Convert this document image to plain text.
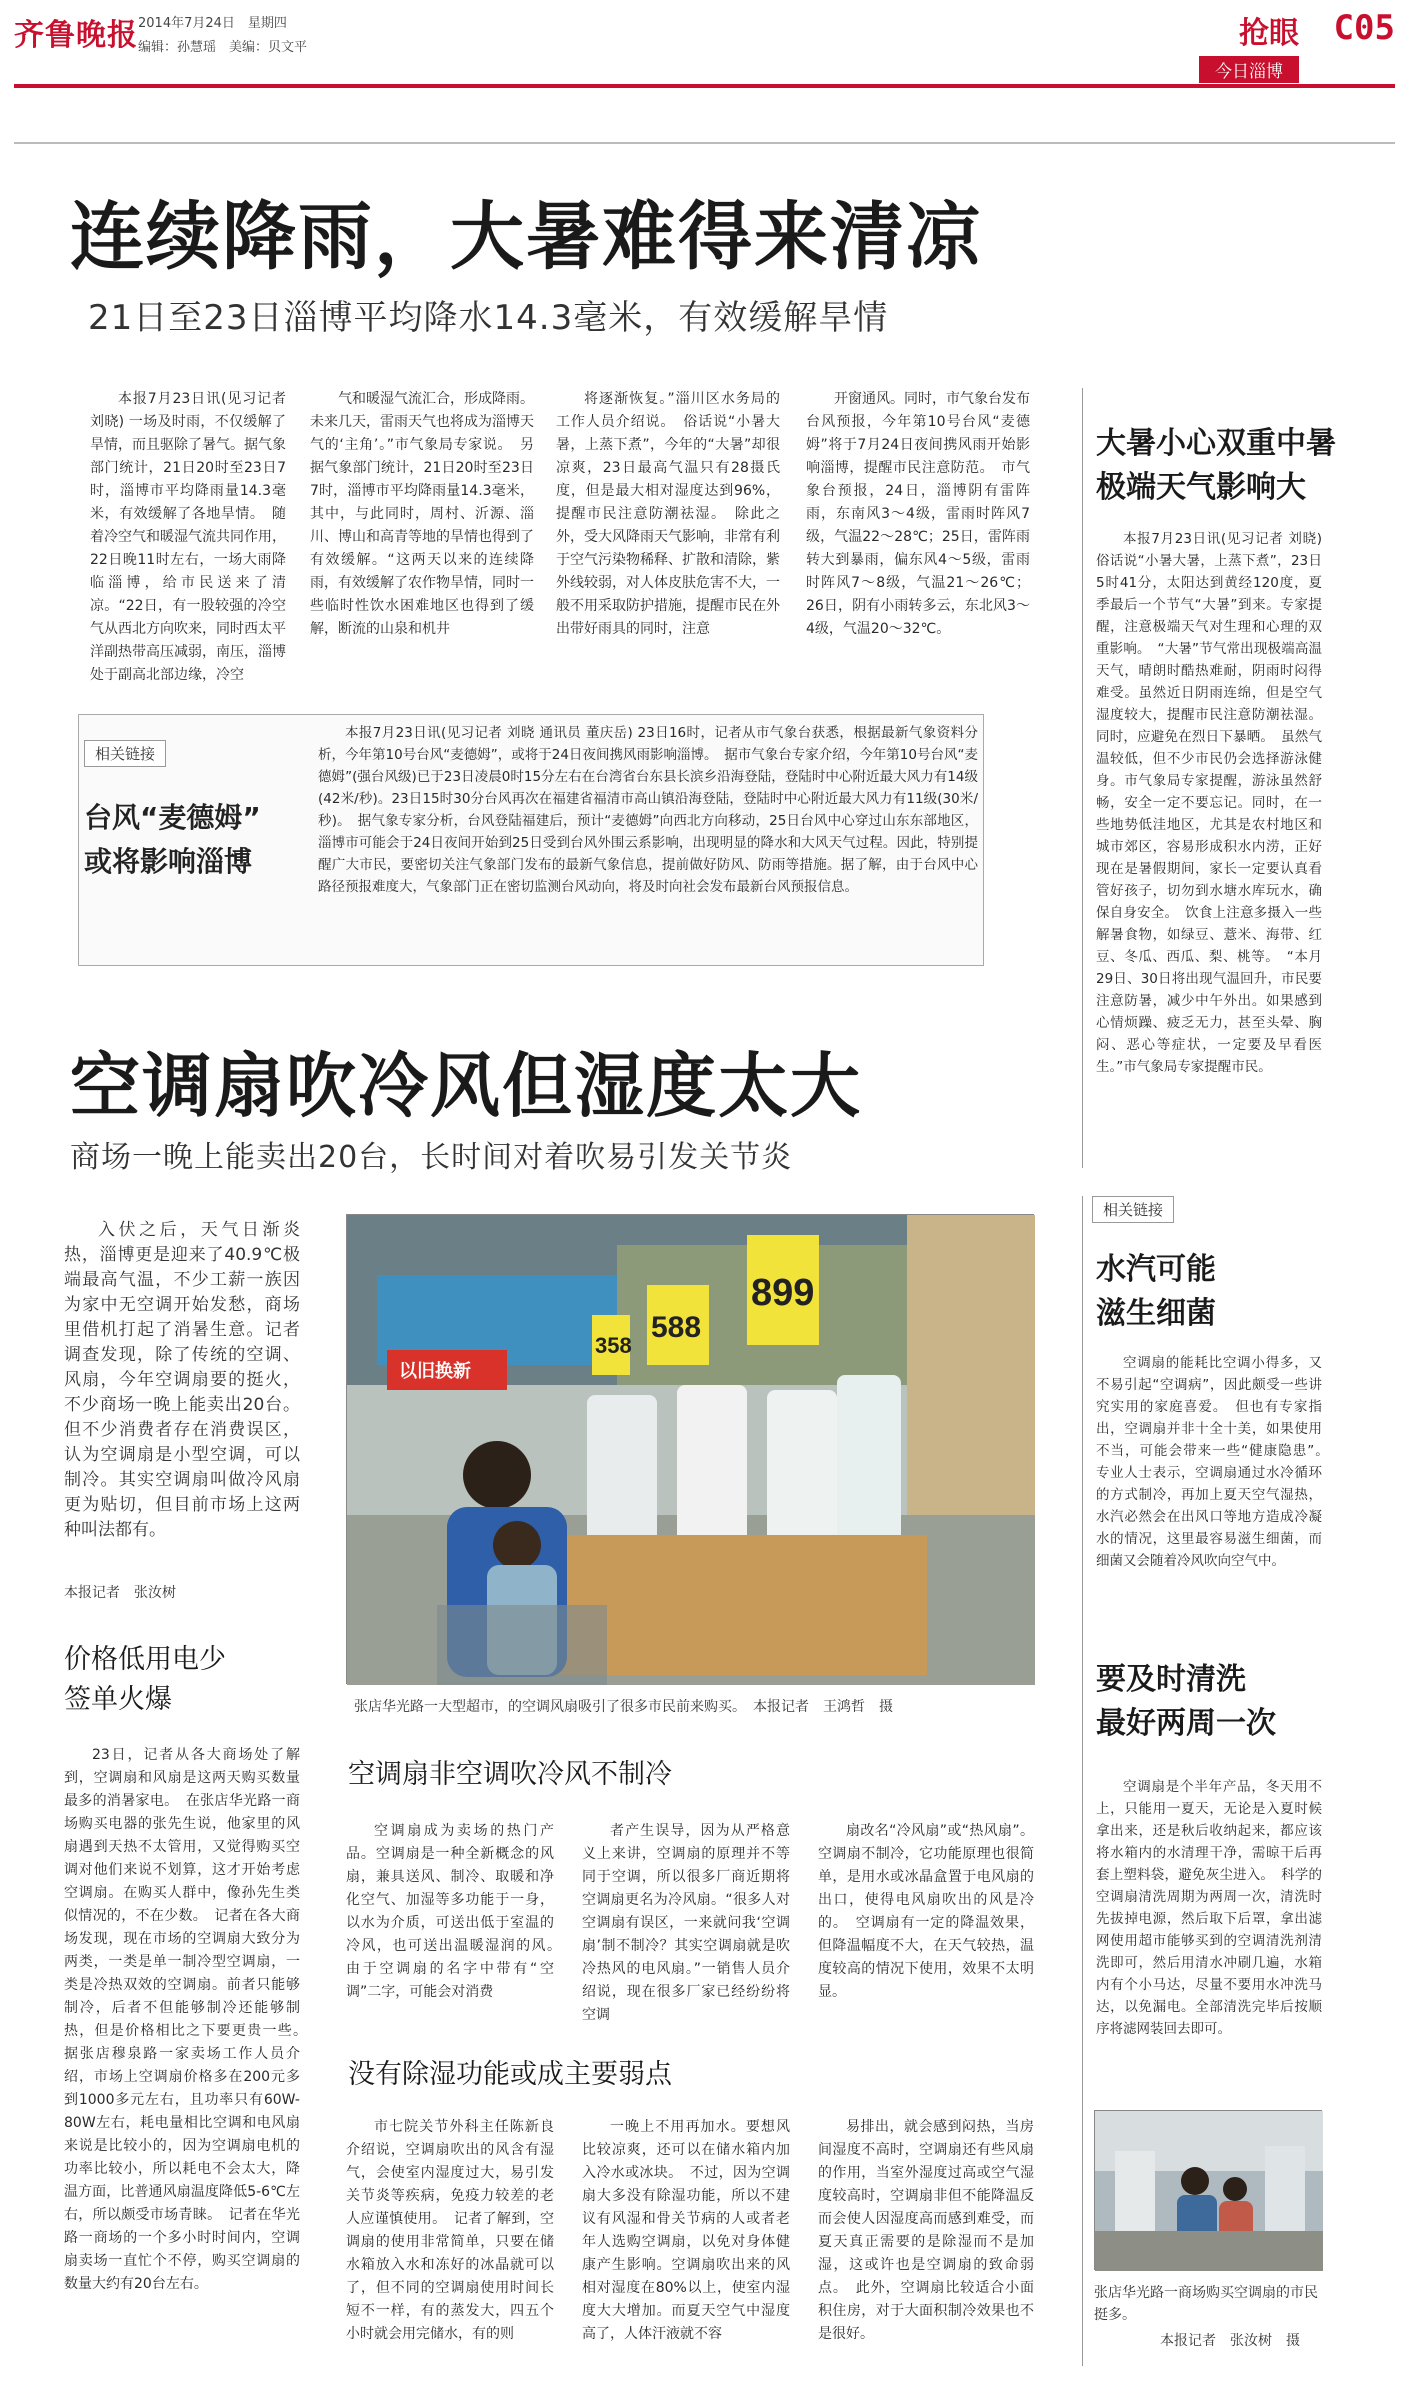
齐鲁晚报 2014年7月24日　星期四
编辑：孙慧瑶　美编：贝文平	抢眼 C05
今日淄博
连续降雨，大暑难得来清凉
21日至23日淄博平均降水14.3毫米，有效缓解旱情

本报7月23日讯(见习记者 刘晓) 一场及时雨，不仅缓解了旱情，而且驱除了暑气。据气象部门统计，21日20时至23日7时，淄博市平均降雨量14.3毫米，有效缓解了各地旱情。　随着冷空气和暖湿气流共同作用，22日晚11时左右，一场大雨降临淄博，给市民送来了清凉。“22日，有一股较强的冷空气从西北方向吹来，同时西太平洋副热带高压减弱，南压，淄博处于副高北部边缘，冷空

气和暖湿气流汇合，形成降雨。未来几天，雷雨天气也将成为淄博天气的‘主角’。”市气象局专家说。　另据气象部门统计，21日20时至23日7时，淄博市平均降雨量14.3毫米，其中，与此同时，周村、沂源、淄川、博山和高青等地的旱情也得到了有效缓解。“这两天以来的连续降雨，有效缓解了农作物旱情，同时一些临时性饮水困难地区也得到了缓解，断流的山泉和机井

将逐渐恢复。”淄川区水务局的工作人员介绍说。　俗话说“小暑大暑，上蒸下煮”，今年的“大暑”却很凉爽，23日最高气温只有28摄氏度，但是最大相对湿度达到96%，提醒市民注意防潮祛湿。　除此之外，受大风降雨天气影响，非常有利于空气污染物稀释、扩散和清除，紫外线较弱，对人体皮肤危害不大，一般不用采取防护措施，提醒市民在外出带好雨具的同时，注意

开窗通风。同时，市气象台发布台风预报，今年第10号台风“麦德姆”将于7月24日夜间携风雨开始影响淄博，提醒市民注意防范。　市气象台预报，24日，淄博阴有雷阵雨，东南风3～4级，雷雨时阵风7级，气温22～28℃；25日，雷阵雨转大到暴雨，偏东风4～5级，雷雨时阵风7～8级，气温21～26℃；26日，阴有小雨转多云，东北风3～4级，气温20～32℃。

相关链接
台风“麦德姆”
或将影响淄博

本报7月23日讯(见习记者 刘晓 通讯员 董庆岳) 23日16时，记者从市气象台获悉，根据最新气象资料分析，今年第10号台风“麦德姆”，或将于24日夜间携风雨影响淄博。　据市气象台专家介绍，今年第10号台风“麦德姆”(强台风级)已于23日凌晨0时15分左右在台湾省台东县长滨乡沿海登陆，登陆时中心附近最大风力有14级(42米/秒)。23日15时30分台风再次在福建省福清市高山镇沿海登陆，登陆时中心附近最大风力有11级(30米/秒)。　据气象专家分析，台风登陆福建后，预计“麦德姆”向西北方向移动，25日台风中心穿过山东东部地区，淄博市可能会于24日夜间开始到25日受到台风外围云系影响，出现明显的降水和大风天气过程。因此，特别提醒广大市民，要密切关注气象部门发布的最新气象信息，提前做好防风、防雨等措施。据了解，由于台风中心路径预报难度大，气象部门正在密切监测台风动向，将及时向社会发布最新台风预报信息。

大暑小心双重中暑
极端天气影响大

本报7月23日讯(见习记者 刘晓) 俗话说“小暑大暑，上蒸下煮”，23日5时41分，太阳达到黄经120度，夏季最后一个节气“大暑”到来。专家提醒，注意极端天气对生理和心理的双重影响。　“大暑”节气常出现极端高温天气，晴朗时酷热难耐，阴雨时闷得难受。虽然近日阴雨连绵，但是空气湿度较大，提醒市民注意防潮祛湿。同时，应避免在烈日下暴晒。　虽然气温较低，但不少市民仍会选择游泳健身。市气象局专家提醒，游泳虽然舒畅，安全一定不要忘记。同时，在一些地势低洼地区，尤其是农村地区和城市郊区，容易形成积水内涝，正好现在是暑假期间，家长一定要认真看管好孩子，切勿到水塘水库玩水，确保自身安全。　饮食上注意多摄入一些解暑食物，如绿豆、薏米、海带、红豆、冬瓜、西瓜、梨、桃等。　“本月29日、30日将出现气温回升，市民要注意防暑，减少中午外出。如果感到心情烦躁、疲乏无力，甚至头晕、胸闷、恶心等症状，一定要及早看医生。”市气象局专家提醒市民。

空调扇吹冷风但湿度太大
商场一晚上能卖出20台，长时间对着吹易引发关节炎

入伏之后，天气日渐炎热，淄博更是迎来了40.9℃极端最高气温，不少工薪一族因为家中无空调开始发愁，商场里借机打起了消暑生意。记者调查发现，除了传统的空调、风扇，今年空调扇要的挺火，不少商场一晚上能卖出20台。但不少消费者存在消费误区，认为空调扇是小型空调，可以制冷。其实空调扇叫做冷风扇更为贴切，但目前市场上这两种叫法都有。

本报记者　张汝树
358
588
899
以旧换新
张店华光路一大型超市，的空调风扇吸引了很多市民前来购买。　本报记者　王鸿哲　摄
价格低用电少
签单火爆

23日，记者从各大商场处了解到，空调扇和风扇是这两天购买数量最多的消暑家电。　在张店华光路一商场购买电器的张先生说，他家里的风扇遇到天热不太管用，又觉得购买空调对他们来说不划算，这才开始考虑空调扇。在购买人群中，像孙先生类似情况的，不在少数。　记者在各大商场发现，现在市场的空调扇大致分为两类，一类是单一制冷型空调扇，一类是冷热双效的空调扇。前者只能够制冷，后者不但能够制冷还能够制热，但是价格相比之下要更贵一些。　据张店穆泉路一家卖场工作人员介绍，市场上空调扇价格多在200元多到1000多元左右，且功率只有60W-80W左右，耗电量相比空调和电风扇来说是比较小的，因为空调扇电机的功率比较小，所以耗电不会太大，降温方面，比普通风扇温度降低5-6℃左右，所以颇受市场青睐。　记者在华光路一商场的一个多小时时间内，空调扇卖场一直忙个不停，购买空调扇的数量大约有20台左右。

空调扇非空调吹冷风不制冷

空调扇成为卖场的热门产品。空调扇是一种全新概念的风扇，兼具送风、制冷、取暖和净化空气、加湿等多功能于一身，以水为介质，可送出低于室温的冷风，也可送出温暖湿润的风。　由于空调扇的名字中带有“空调”二字，可能会对消费

者产生误导，因为从严格意义上来讲，空调扇的原理并不等同于空调，所以很多厂商近期将空调扇更名为冷风扇。“很多人对空调扇有误区，一来就问我‘空调扇’制不制冷？其实空调扇就是吹冷热风的电风扇。”一销售人员介绍说，现在很多厂家已经纷纷将空调

扇改名“冷风扇”或“热风扇”。空调扇不制冷，它功能原理也很简单，是用水或冰晶盒置于电风扇的出口，使得电风扇吹出的风是冷的。　空调扇有一定的降温效果，但降温幅度不大，在天气较热，温度较高的情况下使用，效果不太明显。

没有除湿功能或成主要弱点

市七院关节外科主任陈新良介绍说，空调扇吹出的风含有湿气，会使室内湿度过大，易引发关节炎等疾病，免疫力较差的老人应谨慎使用。　记者了解到，空调扇的使用非常简单，只要在储水箱放入水和冻好的冰晶就可以了，但不同的空调扇使用时间长短不一样，有的蒸发大，四五个小时就会用完储水，有的则

一晚上不用再加水。要想风比较凉爽，还可以在储水箱内加入冷水或冰块。　不过，因为空调扇大多没有除湿功能，所以不建议有风湿和骨关节病的人或者老年人选购空调扇，以免对身体健康产生影响。空调扇吹出来的风相对湿度在80%以上，使室内湿度大大增加。而夏天空气中湿度高了，人体汗液就不容

易排出，就会感到闷热，当房间湿度不高时，空调扇还有些风扇的作用，当室外湿度过高或空气湿度较高时，空调扇非但不能降温反而会使人因湿度高而感到难受，而夏天真正需要的是除湿而不是加湿，这或许也是空调扇的致命弱点。　此外，空调扇比较适合小面积住房，对于大面积制冷效果也不是很好。

相关链接
水汽可能
滋生细菌

空调扇的能耗比空调小得多，又不易引起“空调病”，因此颇受一些讲究实用的家庭喜爱。　但也有专家指出，空调扇并非十全十美，如果使用不当，可能会带来一些“健康隐患”。　专业人士表示，空调扇通过水冷循环的方式制冷，再加上夏天空气湿热，水汽必然会在出风口等地方造成冷凝水的情况，这里最容易滋生细菌，而细菌又会随着冷风吹向空气中。

要及时清洗
最好两周一次

空调扇是个半年产品，冬天用不上，只能用一夏天，无论是入夏时候拿出来，还是秋后收纳起来，都应该将水箱内的水清理干净，需晾干后再套上塑料袋，避免灰尘进入。　科学的空调扇清洗周期为两周一次，清洗时先拔掉电源，然后取下后罩，拿出滤网使用超市能够买到的空调清洗剂清洗即可，然后用清水冲刷几遍，水箱内有个小马达，尽量不要用水冲洗马达，以免漏电。全部清洗完毕后按顺序将滤网装回去即可。

张店华光路一商场购买空调扇的市民挺多。
本报记者　张汝树　摄
